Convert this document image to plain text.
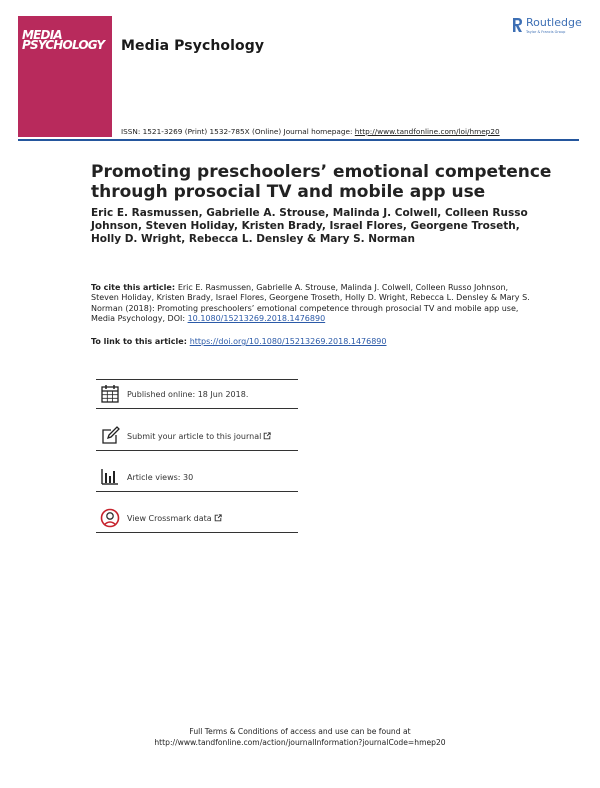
MEDIA
PSYCHOLOGY Media Psychology
Routledge
Taylor & Francis Group
ISSN: 1521-3269 (Print) 1532-785X (Online) Journal homepage: http://www.tandfonline.com/loi/hmep20
Promoting preschoolers’ emotional competence through prosocial TV and mobile app use
Eric E. Rasmussen, Gabrielle A. Strouse, Malinda J. Colwell, Colleen Russo Johnson, Steven Holiday, Kristen Brady, Israel Flores, Georgene Troseth, Holly D. Wright, Rebecca L. Densley & Mary S. Norman
To cite this article: Eric E. Rasmussen, Gabrielle A. Strouse, Malinda J. Colwell, Colleen Russo Johnson, Steven Holiday, Kristen Brady, Israel Flores, Georgene Troseth, Holly D. Wright, Rebecca L. Densley & Mary S. Norman (2018): Promoting preschoolers’ emotional competence through prosocial TV and mobile app use, Media Psychology, DOI: 10.1080/15213269.2018.1476890
To link to this article: https://doi.org/10.1080/15213269.2018.1476890
Published online: 18 Jun 2018.
Submit your article to this journal
Article views: 30
View Crossmark data
Full Terms & Conditions of access and use can be found at
http://www.tandfonline.com/action/journalInformation?journalCode=hmep20
